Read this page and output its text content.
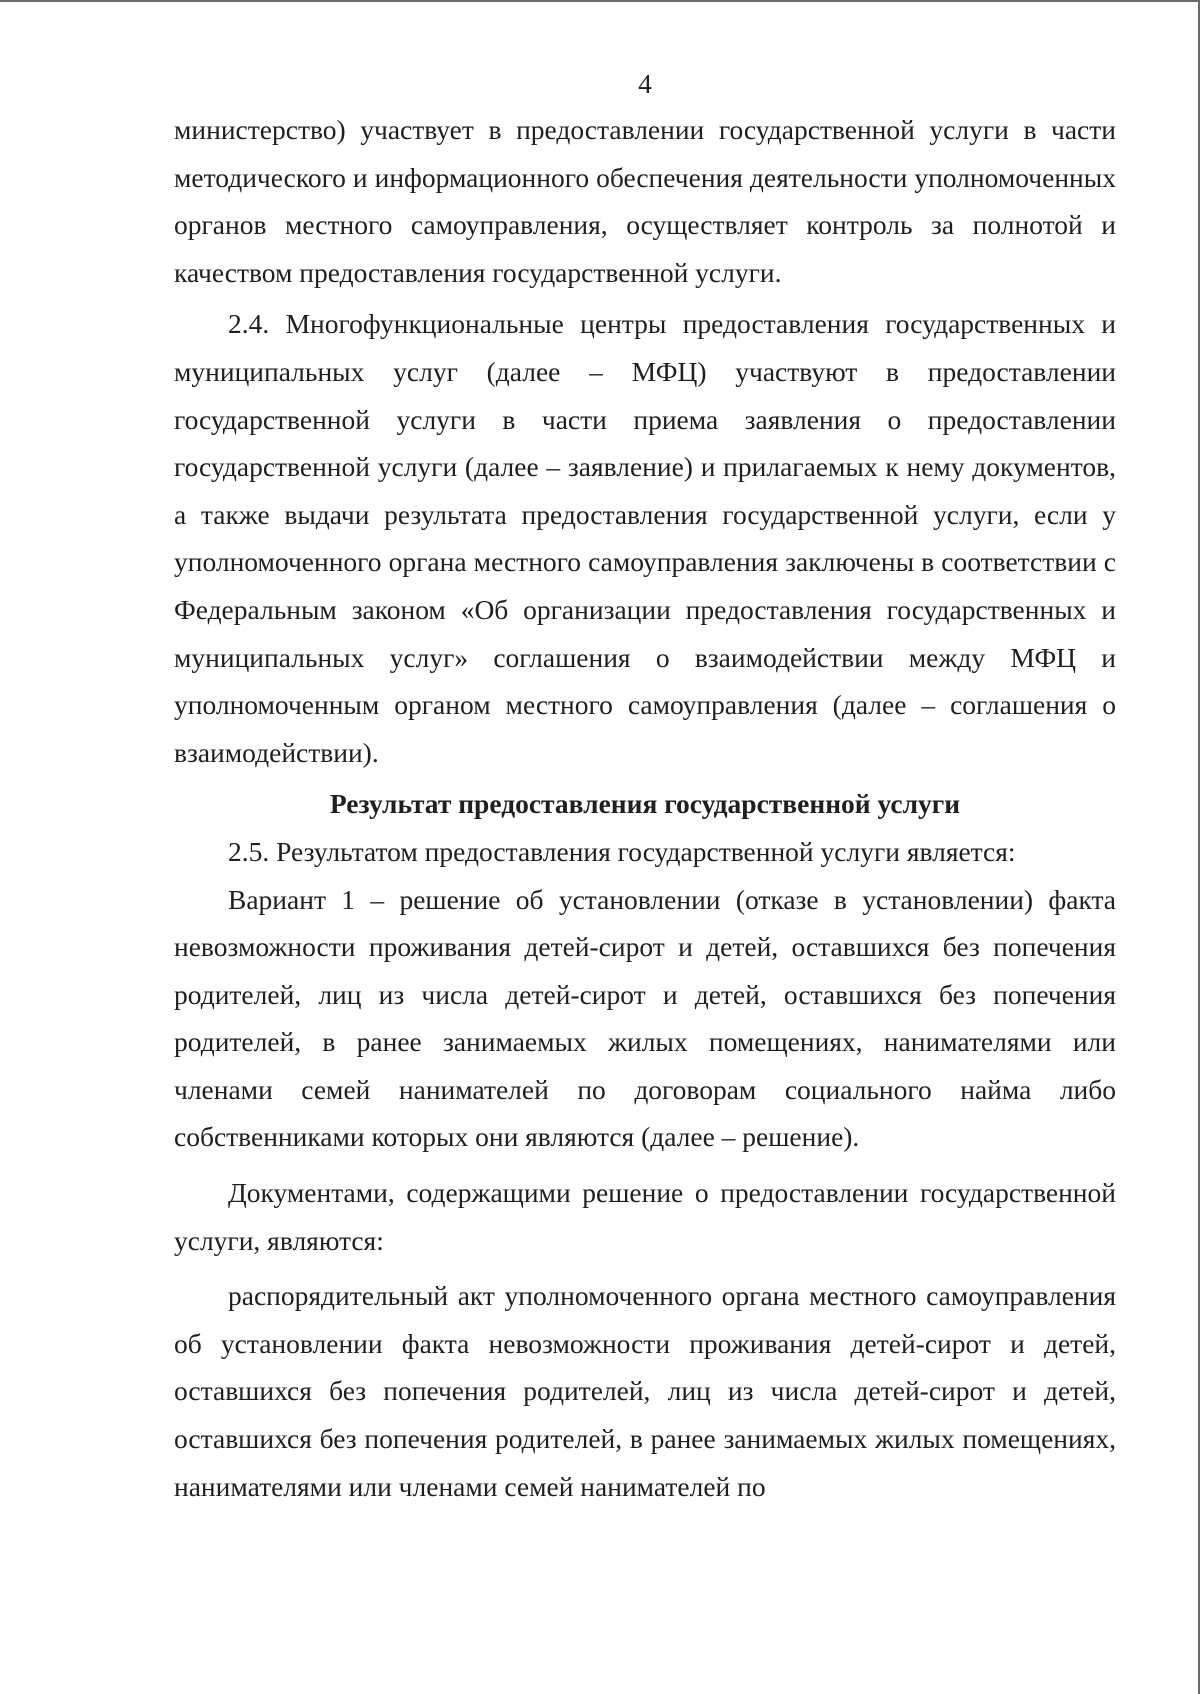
4

министерство) участвует в предоставлении государственной услуги в части методического и информационного обеспечения деятельности уполномоченных органов местного самоуправления, осуществляет контроль за полнотой и качеством предоставления государственной услуги.

2.4. Многофункциональные центры предоставления государственных и муниципальных услуг (далее – МФЦ) участвуют в предоставлении государственной услуги в части приема заявления о предоставлении государственной услуги (далее – заявление) и прилагаемых к нему документов, а также выдачи результата предоставления государственной услуги, если у уполномоченного органа местного самоуправления заключены в соответствии с Федеральным законом «Об организации предоставления государственных и муниципальных услуг» соглашения о взаимодействии между МФЦ и уполномоченным органом местного самоуправления (далее – соглашения о взаимодействии).

Результат предоставления государственной услуги

2.5. Результатом предоставления государственной услуги является:

Вариант 1 – решение об установлении (отказе в установлении) факта невозможности проживания детей-сирот и детей, оставшихся без попечения родителей, лиц из числа детей-сирот и детей, оставшихся без попечения родителей, в ранее занимаемых жилых помещениях, нанимателями или членами семей нанимателей по договорам социального найма либо собственниками которых они являются (далее – решение).

Документами, содержащими решение о предоставлении государственной услуги, являются:

распорядительный акт уполномоченного органа местного самоуправления об установлении факта невозможности проживания детей-сирот и детей, оставшихся без попечения родителей, лиц из числа детей-сирот и детей, оставшихся без попечения родителей, в ранее занимаемых жилых помещениях, нанимателями или членами семей нанимателей по
